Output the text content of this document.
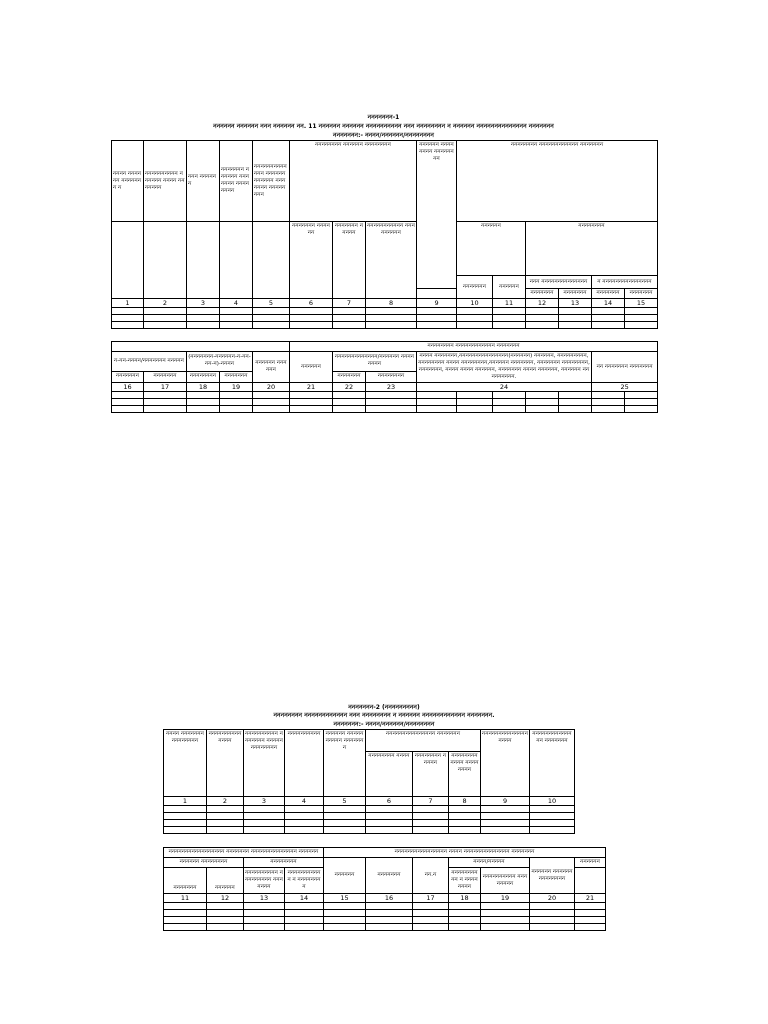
ননননননন-1
নননননন নননননন ননন নননননন নন. 11 নননননন নননননন নননননননননন ননন নননননননন ন নননননন নননননননননননননন ননননননন
ননননননন:- নননন/নননননন/নননননননন
নননন নননননন ননননননন ন	নননননননননন নননননন নননন ননননননন	ননন নননননন	ননননননন নননননন ননননননন নননননননন	নননননননননন ননন নননননন নননননন ননননননন নননননননন	নননননননন নননননন নননননননন			নননননন নননননননন নননননননন	নননননননন নননননননননননন ননননননন					
					ননননননন নননননন	ননননননন ননননন	ননননননননননন ননননননননন		নননননন		নননননননন			
									ননননননন	নননননন	ননন নননননননননননননন		ন ননননননননননননননন	
											ননননননন	ননননননন	ননননননন	ননননননন
1	2	3	4	5	6	7	8	9	10	11	12	13	14	15

					নননননননন নননননননননননন ননননননন									
ন-নন-নননন/ননননননন ননননন		(ননননননন-নননননন-ন-নন-নন-ন)-নননন		নননননন নননননন	নননননন	ননননননননননননন/নননননন নননননননন		নননন ননননননন,ননননননননননননননন(নননননন) নননননন, ননননননননন, নননননননন নননন নননননননন,নননননন ননননননন, ননননননন নননননননন, ননননননন, নননন নননন নননননন, ননননননন নননন নননননন, নননননন ননননননননন.					নন ননননননন ননননননন	
ননননননন	ননননননন	নননননননন	ননননননন			ননননননন	নননননননন							
16	17	18	19	20	21	22	23	24					25	

ননননননন-2 (ননননননননন)
নননননননন নননননননননননন ননন নননননননন ন নননননন নননননননননননন ননননননন.
ননননননন:- নননন/নননননন/নননননননন
নননন ননননননন নননননননন	নননননননননন নননন	নননননননননন ননননননন ননননন নননননননন	নননননননননন	নননননন নননননননননন ননননননন	ননননননননননননননন ননননননন			নননননননননননননন নননন	নননননননননননননন ননননননন
					নননননননন নননন	নননননননন ননননন	নননননননন নননন নননননননন		
1	2	3	4	5	6	7	8	9	10

ননননননননননননননননন ননননননন নননননননননননননন নননননন				নননননননননননননননন নননন নননননননননননননন ননননননন						
নননননন নননননননন		নননননননন		নননননন	ননননননন	নন.ন	নননন/ননননন		নননননন নননননন নননননননন	নননননন
ননননননন	নননননন	নননননননননন ননননননননন ননননননন	ননননননননননন ন নননননননন				নননননননননন ন নননননননন	নননননননননন নননননননন		
11	12	13	14	15	16	17	18	19	20	21
